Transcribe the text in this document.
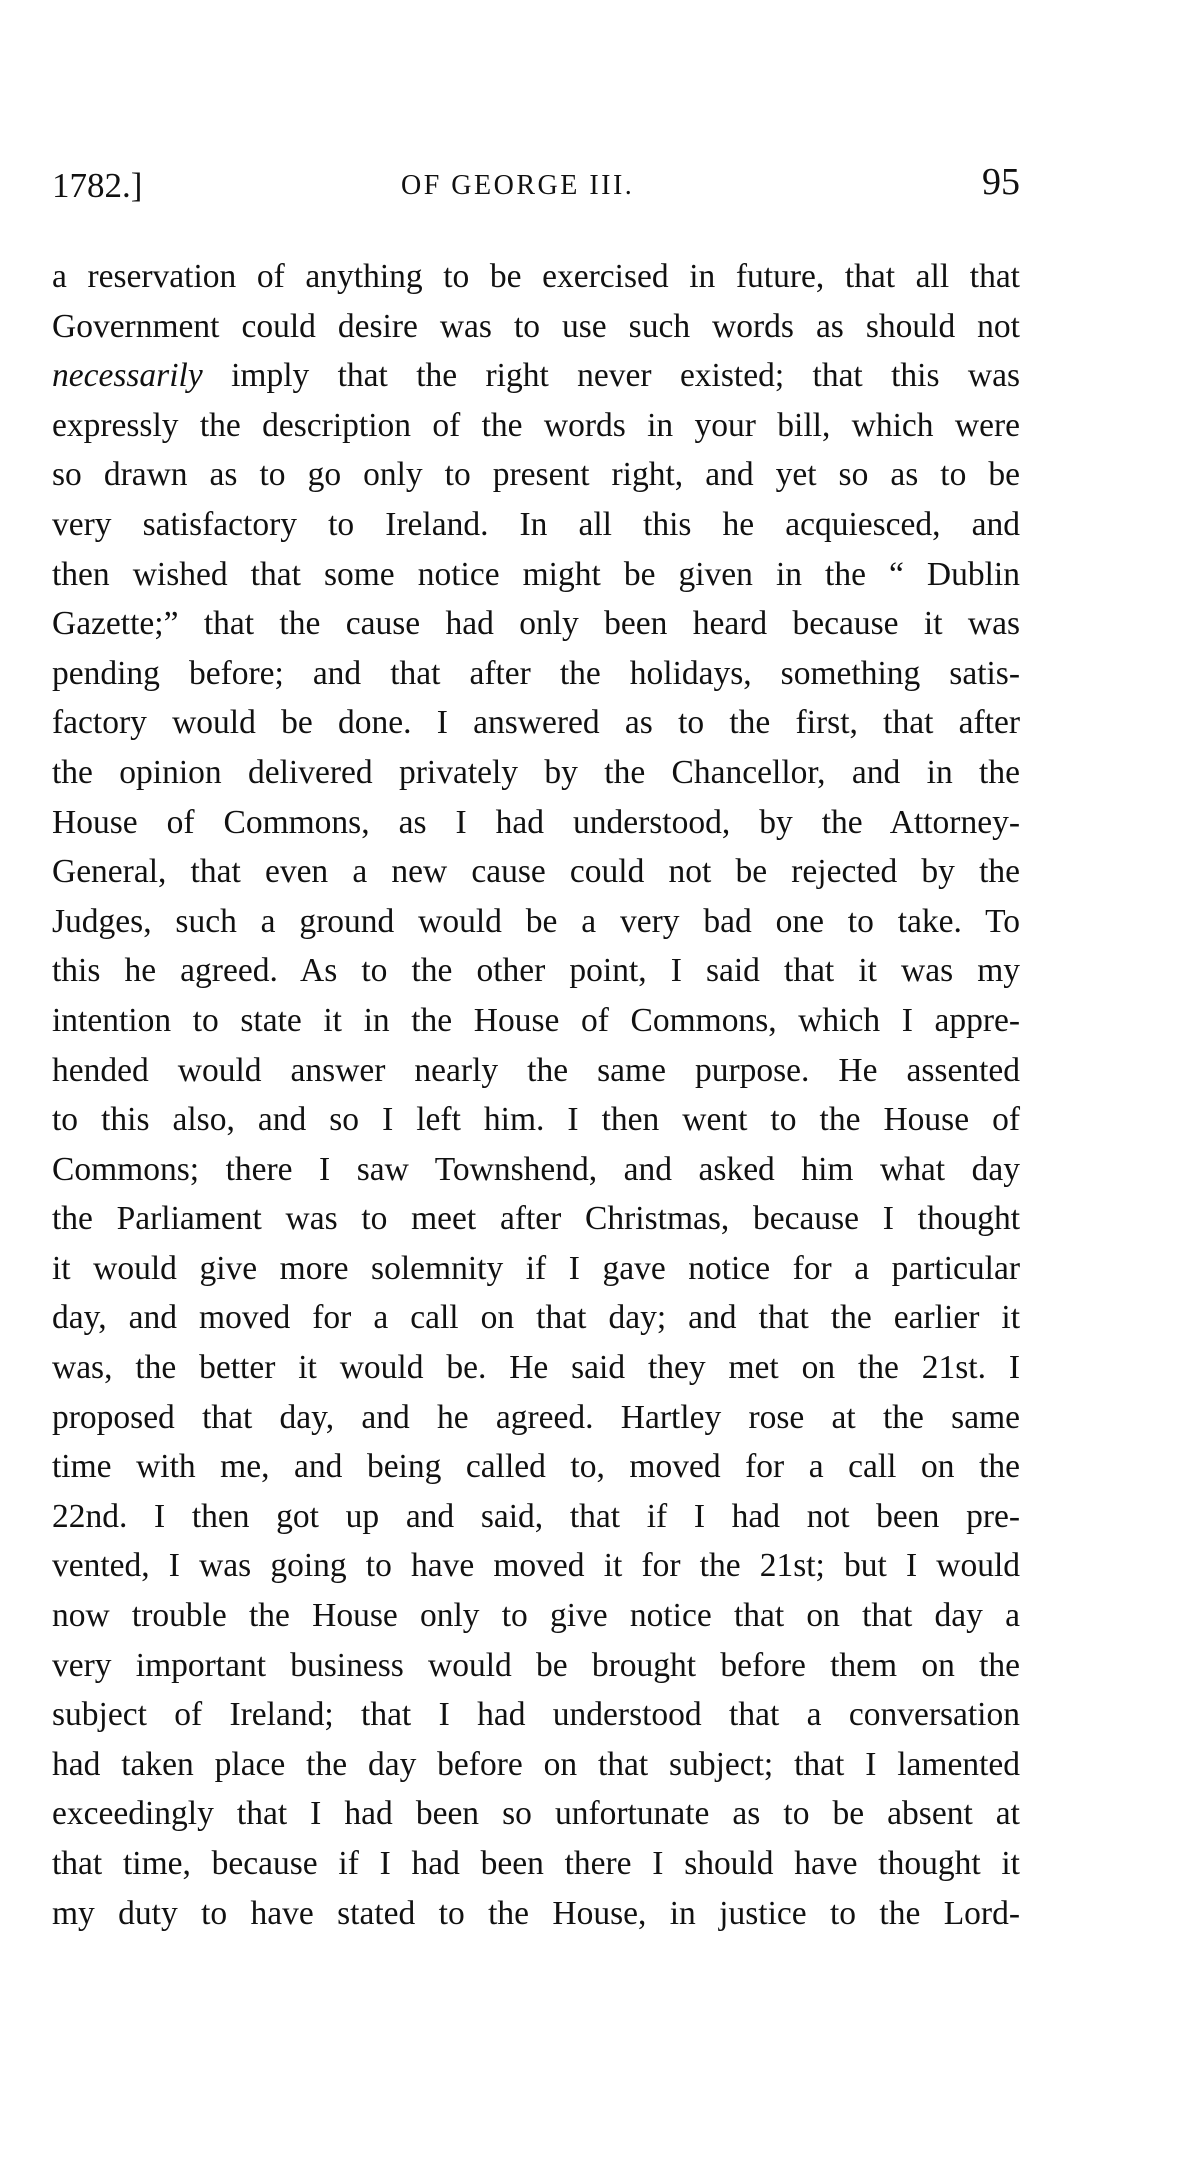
1782.]	OF GEORGE III.	95
a reservation of anything to be exercised in future, that all that
Government could desire was to use such words as should not
necessarily imply that the right never existed; that this was
expressly the description of the words in your bill, which were
so drawn as to go only to present right, and yet so as to be
very satisfactory to Ireland. In all this he acquiesced, and
then wished that some notice might be given in the “ Dublin
Gazette;” that the cause had only been heard because it was
pending before; and that after the holidays, something satis-
factory would be done. I answered as to the first, that after
the opinion delivered privately by the Chancellor, and in the
House of Commons, as I had understood, by the Attorney-
General, that even a new cause could not be rejected by the
Judges, such a ground would be a very bad one to take. To
this he agreed. As to the other point, I said that it was my
intention to state it in the House of Commons, which I appre-
hended would answer nearly the same purpose. He assented
to this also, and so I left him. I then went to the House of
Commons; there I saw Townshend, and asked him what day
the Parliament was to meet after Christmas, because I thought
it would give more solemnity if I gave notice for a particular
day, and moved for a call on that day; and that the earlier it
was, the better it would be. He said they met on the 21st. I
proposed that day, and he agreed. Hartley rose at the same
time with me, and being called to, moved for a call on the
22nd. I then got up and said, that if I had not been pre-
vented, I was going to have moved it for the 21st; but I would
now trouble the House only to give notice that on that day a
very important business would be brought before them on the
subject of Ireland; that I had understood that a conversation
had taken place the day before on that subject; that I lamented
exceedingly that I had been so unfortunate as to be absent at
that time, because if I had been there I should have thought it
my duty to have stated to the House, in justice to the Lord-
